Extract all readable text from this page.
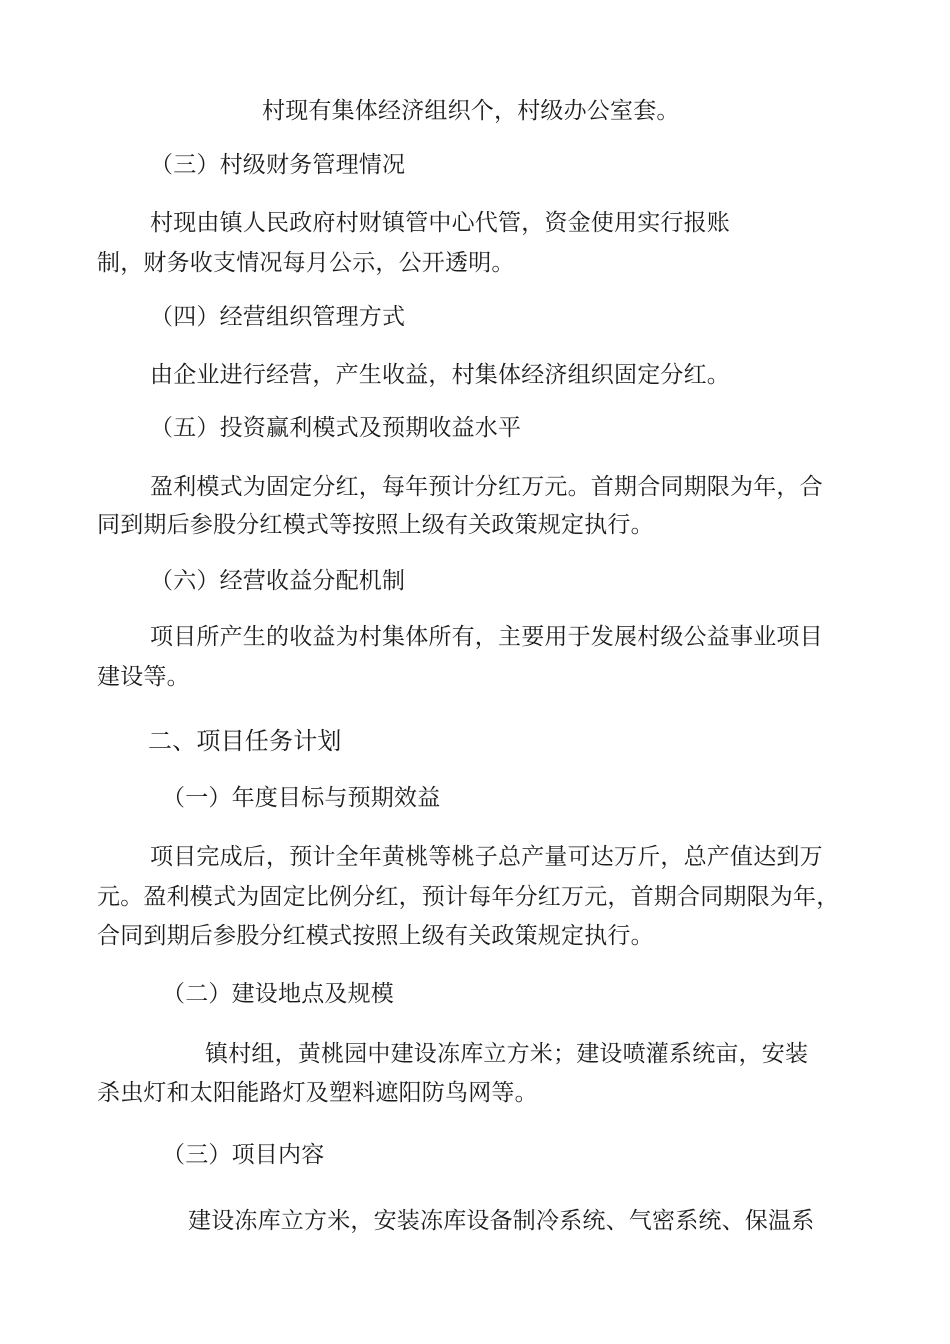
村现有集体经济组织个，村级办公室套。
（三）村级财务管理情况
村现由镇人民政府村财镇管中心代管，资金使用实行报账
制，财务收支情况每月公示，公开透明。
（四）经营组织管理方式
由企业进行经营，产生收益，村集体经济组织固定分红。
（五）投资赢利模式及预期收益水平
盈利模式为固定分红，每年预计分红万元。首期合同期限为年，合
同到期后参股分红模式等按照上级有关政策规定执行。
（六）经营收益分配机制
项目所产生的收益为村集体所有，主要用于发展村级公益事业项目
建设等。
二、项目任务计划
（一）年度目标与预期效益
项目完成后，预计全年黄桃等桃子总产量可达万斤，总产值达到万
元。盈利模式为固定比例分红，预计每年分红万元，首期合同期限为年，
合同到期后参股分红模式按照上级有关政策规定执行。
（二）建设地点及规模
镇村组，黄桃园中建设冻库立方米；建设喷灌系统亩，安装
杀虫灯和太阳能路灯及塑料遮阳防鸟网等。
（三）项目内容
建设冻库立方米，安装冻库设备制冷系统、气密系统、保温系
